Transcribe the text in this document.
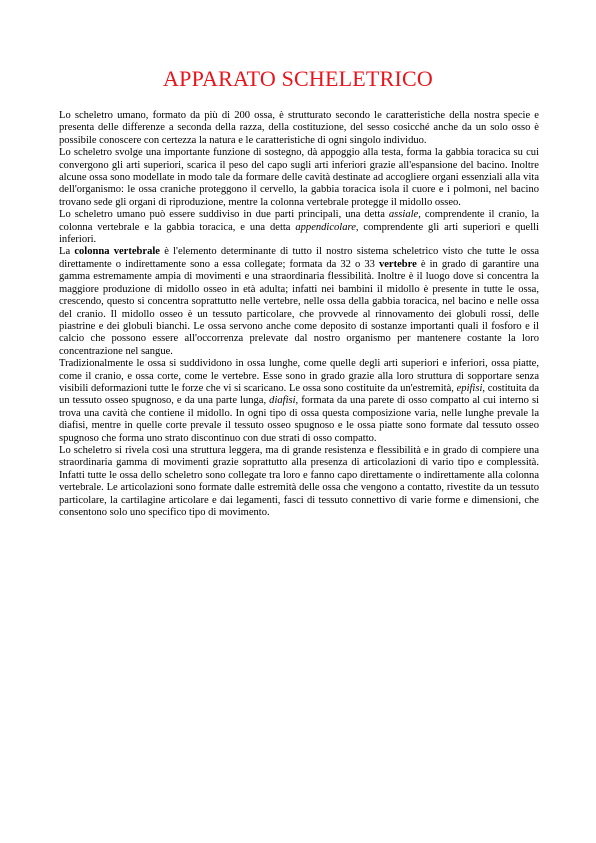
APPARATO SCHELETRICO

Lo scheletro umano, formato da più di 200 ossa, è strutturato secondo le caratteristiche della nostra specie e presenta delle differenze a seconda della razza, della costituzione, del sesso cosicché anche da un solo osso è possibile conoscere con certezza la natura e le caratteristiche di ogni singolo individuo.

Lo scheletro svolge una importante funzione di sostegno, dà appoggio alla testa, forma la gabbia toracica su cui convergono gli arti superiori, scarica il peso del capo sugli arti inferiori grazie all'espansione del bacino. Inoltre alcune ossa sono modellate in modo tale da formare delle cavità destinate ad accogliere organi essenziali alla vita dell'organismo: le ossa craniche proteggono il cervello, la gabbia toracica isola il cuore e i polmoni, nel bacino trovano sede gli organi di riproduzione, mentre la colonna vertebrale protegge il midollo osseo.

Lo scheletro umano può essere suddiviso in due parti principali, una detta assiale, comprendente il cranio, la colonna vertebrale e la gabbia toracica, e una detta appendicolare, comprendente gli arti superiori e quelli inferiori.

La colonna vertebrale è l'elemento determinante di tutto il nostro sistema scheletrico visto che tutte le ossa direttamente o indirettamente sono a essa collegate; formata da 32 o 33 vertebre è in grado di garantire una gamma estremamente ampia di movimenti e una straordinaria flessibilità. Inoltre è il luogo dove si concentra la maggiore produzione di midollo osseo in età adulta; infatti nei bambini il midollo è presente in tutte le ossa, crescendo, questo si concentra soprattutto nelle vertebre, nelle ossa della gabbia toracica, nel bacino e nelle ossa del cranio. Il midollo osseo è un tessuto particolare, che provvede al rinnovamento dei globuli rossi, delle piastrine e dei globuli bianchi. Le ossa servono anche come deposito di sostanze importanti quali il fosforo e il calcio che possono essere all'occorrenza prelevate dal nostro organismo per mantenere costante la loro concentrazione nel sangue.

Tradizionalmente le ossa si suddividono in ossa lunghe, come quelle degli arti superiori e inferiori, ossa piatte, come il cranio, e ossa corte, come le vertebre. Esse sono in grado grazie alla loro struttura di sopportare senza visibili deformazioni tutte le forze che vi si scaricano. Le ossa sono costituite da un'estremità, epifisi, costituita da un tessuto osseo spugnoso, e da una parte lunga, diafisi, formata da una parete di osso compatto al cui interno si trova una cavità che contiene il midollo. In ogni tipo di ossa questa composizione varia, nelle lunghe prevale la diafisi, mentre in quelle corte prevale il tessuto osseo spugnoso e le ossa piatte sono formate dal tessuto osseo spugnoso che forma uno strato discontinuo con due strati di osso compatto.

Lo scheletro si rivela così una struttura leggera, ma di grande resistenza e flessibilità e in grado di compiere una straordinaria gamma di movimenti grazie soprattutto alla presenza di articolazioni di vario tipo e complessità. Infatti tutte le ossa dello scheletro sono collegate tra loro e fanno capo direttamente o indirettamente alla colonna vertebrale. Le articolazioni sono formate dalle estremità delle ossa che vengono a contatto, rivestite da un tessuto particolare, la cartilagine articolare e dai legamenti, fasci di tessuto connettivo di varie forme e dimensioni, che consentono solo uno specifico tipo di movimento.
